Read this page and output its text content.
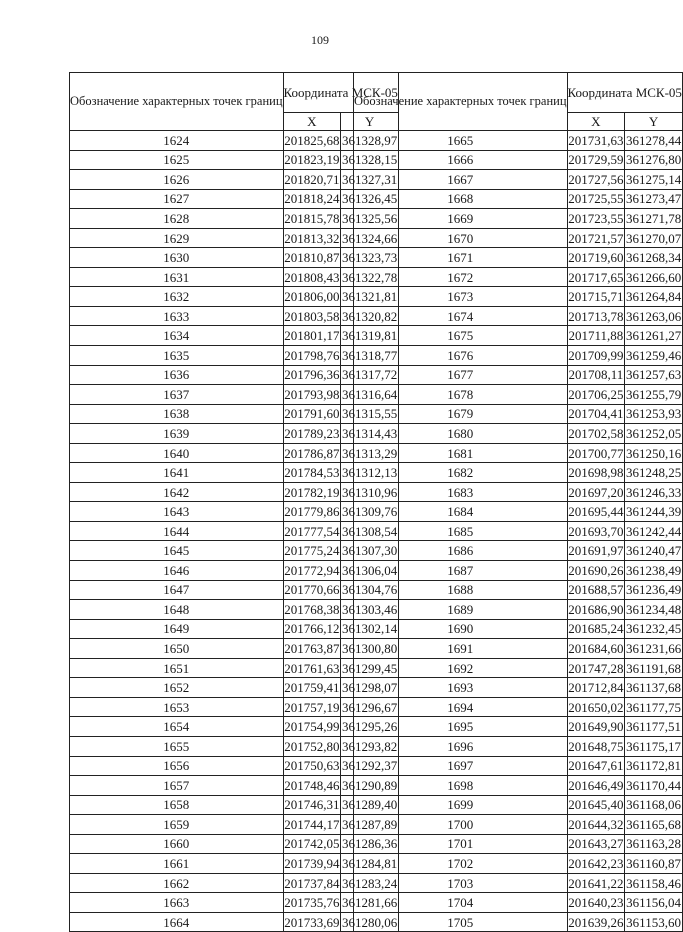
109
Обозначение характерных точек границ	Координата МСК-05	
	X	Y
1624	201825,68	361328,97
1625	201823,19	361328,15
1626	201820,71	361327,31
1627	201818,24	361326,45
1628	201815,78	361325,56
1629	201813,32	361324,66
1630	201810,87	361323,73
1631	201808,43	361322,78
1632	201806,00	361321,81
1633	201803,58	361320,82
1634	201801,17	361319,81
1635	201798,76	361318,77
1636	201796,36	361317,72
1637	201793,98	361316,64
1638	201791,60	361315,55
1639	201789,23	361314,43
1640	201786,87	361313,29
1641	201784,53	361312,13
1642	201782,19	361310,96
1643	201779,86	361309,76
1644	201777,54	361308,54
1645	201775,24	361307,30
1646	201772,94	361306,04
1647	201770,66	361304,76
1648	201768,38	361303,46
1649	201766,12	361302,14
1650	201763,87	361300,80
1651	201761,63	361299,45
1652	201759,41	361298,07
1653	201757,19	361296,67
1654	201754,99	361295,26
1655	201752,80	361293,82
1656	201750,63	361292,37
1657	201748,46	361290,89
1658	201746,31	361289,40
1659	201744,17	361287,89
1660	201742,05	361286,36
1661	201739,94	361284,81
1662	201737,84	361283,24
1663	201735,76	361281,66
1664	201733,69	361280,06
Обозначение характерных точек границ	Координата МСК-05	
	X	Y
1665	201731,63	361278,44
1666	201729,59	361276,80
1667	201727,56	361275,14
1668	201725,55	361273,47
1669	201723,55	361271,78
1670	201721,57	361270,07
1671	201719,60	361268,34
1672	201717,65	361266,60
1673	201715,71	361264,84
1674	201713,78	361263,06
1675	201711,88	361261,27
1676	201709,99	361259,46
1677	201708,11	361257,63
1678	201706,25	361255,79
1679	201704,41	361253,93
1680	201702,58	361252,05
1681	201700,77	361250,16
1682	201698,98	361248,25
1683	201697,20	361246,33
1684	201695,44	361244,39
1685	201693,70	361242,44
1686	201691,97	361240,47
1687	201690,26	361238,49
1688	201688,57	361236,49
1689	201686,90	361234,48
1690	201685,24	361232,45
1691	201684,60	361231,66
1692	201747,28	361191,68
1693	201712,84	361137,68
1694	201650,02	361177,75
1695	201649,90	361177,51
1696	201648,75	361175,17
1697	201647,61	361172,81
1698	201646,49	361170,44
1699	201645,40	361168,06
1700	201644,32	361165,68
1701	201643,27	361163,28
1702	201642,23	361160,87
1703	201641,22	361158,46
1704	201640,23	361156,04
1705	201639,26	361153,60
